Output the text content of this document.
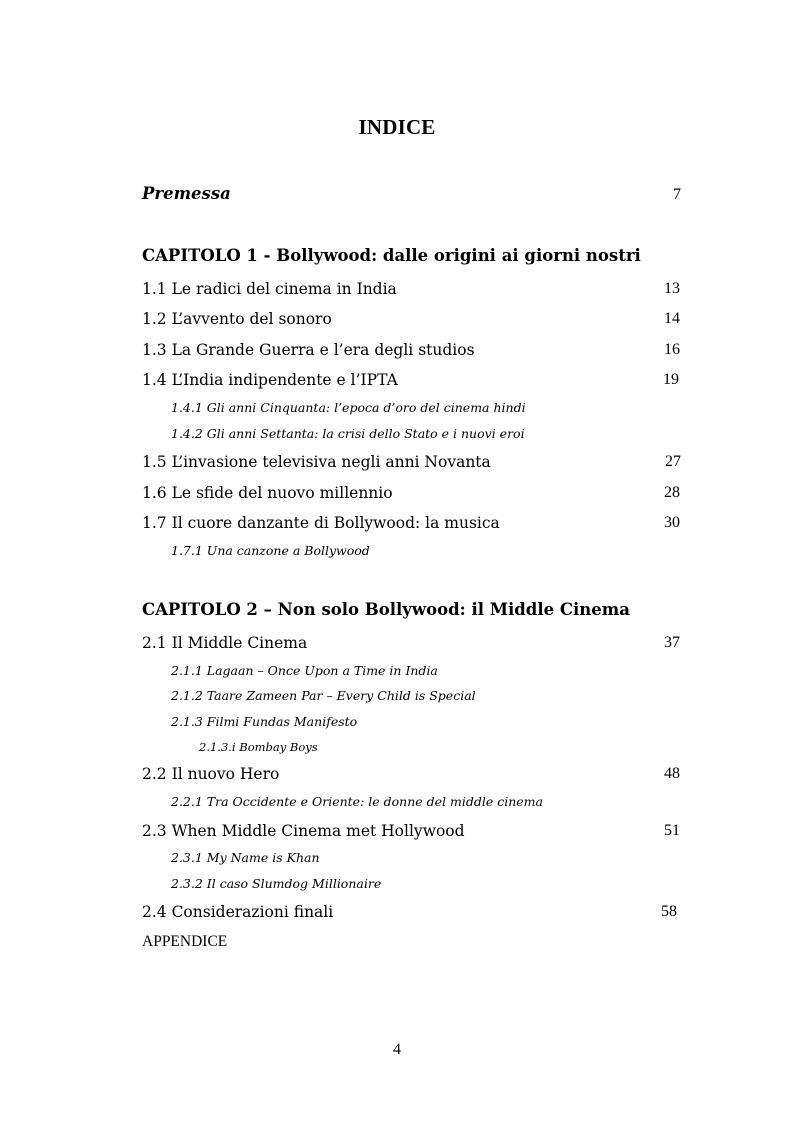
INDICE
Premessa	7
CAPITOLO 1 - Bollywood: dalle origini ai giorni nostri
1.1 Le radici del cinema in India	13
1.2 L’avvento del sonoro	14
1.3 La Grande Guerra e l’era degli studios	16
1.4 L’India indipendente e l’IPTA	19
1.4.1 Gli anni Cinquanta: l’epoca d’oro del cinema hindi
1.4.2 Gli anni Settanta: la crisi dello Stato e i nuovi eroi
1.5 L’invasione televisiva negli anni Novanta	27
1.6 Le sfide del nuovo millennio	28
1.7 Il cuore danzante di Bollywood: la musica	30
1.7.1 Una canzone a Bollywood
CAPITOLO 2 – Non solo Bollywood: il Middle Cinema
2.1 Il Middle Cinema	37
2.1.1 Lagaan – Once Upon a Time in India
2.1.2 Taare Zameen Par – Every Child is Special
2.1.3 Filmi Fundas Manifesto
2.1.3.i Bombay Boys
2.2 Il nuovo Hero	48
2.2.1 Tra Occidente e Oriente: le donne del middle cinema
2.3 When Middle Cinema met Hollywood	51
2.3.1 My Name is Khan
2.3.2 Il caso Slumdog Millionaire
2.4 Considerazioni finali	58
APPENDICE
4
